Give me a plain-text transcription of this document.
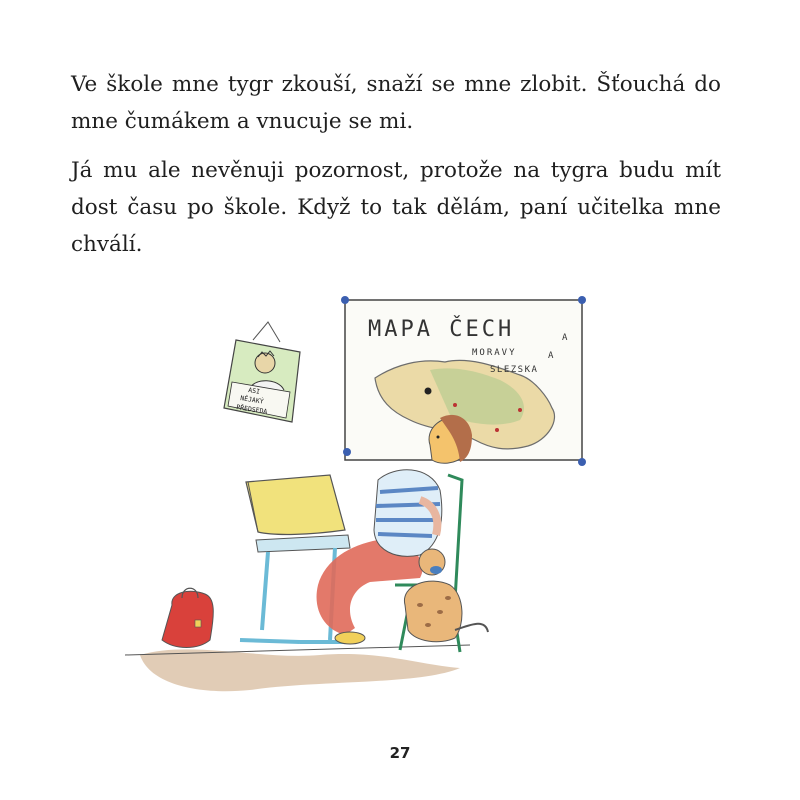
Ve škole mne tygr zkouší, snaží se mne zlobit. Šťouchá do mne čumákem a vnucuje se mi.

Já mu ale nevěnuji pozornost, protože na tygra budu mít dost času po škole. Když to tak dělám, paní učitelka mne chválí.

MAPA ČECH	A
MORAVY	A
SLEZSKA
ASI
NĚJAKÝ
PŘEDSEDA
27
